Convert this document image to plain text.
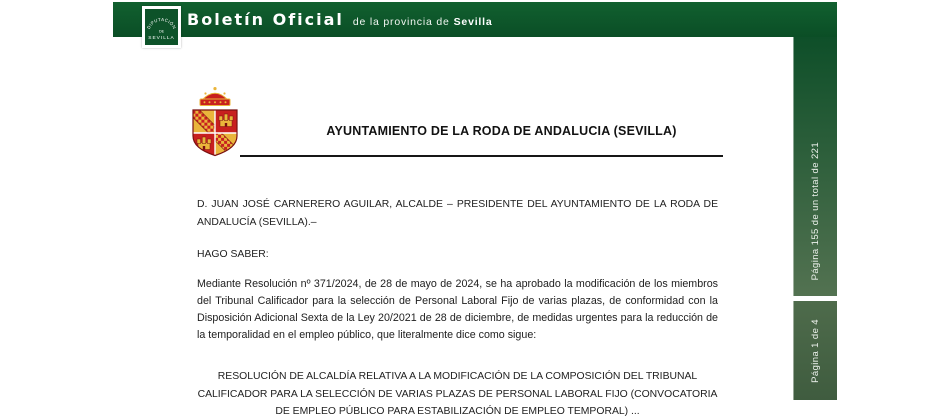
Boletín Oficial de la provincia de Sevilla
DIPUTACIÓN
DE
SEVILLA
Página 155 de un total de 221
Página 1 de 4
AYUNTAMIENTO DE LA RODA DE ANDALUCIA (SEVILLA)

D. JUAN JOSÉ CARNERERO AGUILAR, ALCALDE – PRESIDENTE DEL AYUNTAMIENTO DE LA RODA DE ANDALUCÍA (SEVILLA).–

HAGO SABER:

Mediante Resolución nº 371/2024, de 28 de mayo de 2024, se ha aprobado la modificación de los miembros del Tribunal Calificador para la selección de Personal Laboral Fijo de varias plazas, de conformidad con la Disposición Adicional Sexta de la Ley 20/2021 de 28 de diciembre, de medidas urgentes para la reducción de la temporalidad en el empleo público, que literalmente dice como sigue:

RESOLUCIÓN DE ALCALDÍA RELATIVA A LA MODIFICACIÓN DE LA COMPOSICIÓN DEL TRIBUNAL CALIFICADOR PARA LA SELECCIÓN DE VARIAS PLAZAS DE PERSONAL LABORAL FIJO (CONVOCATORIA DE EMPLEO PÚBLICO PARA ESTABILIZACIÓN DE EMPLEO TEMPORAL) ...
